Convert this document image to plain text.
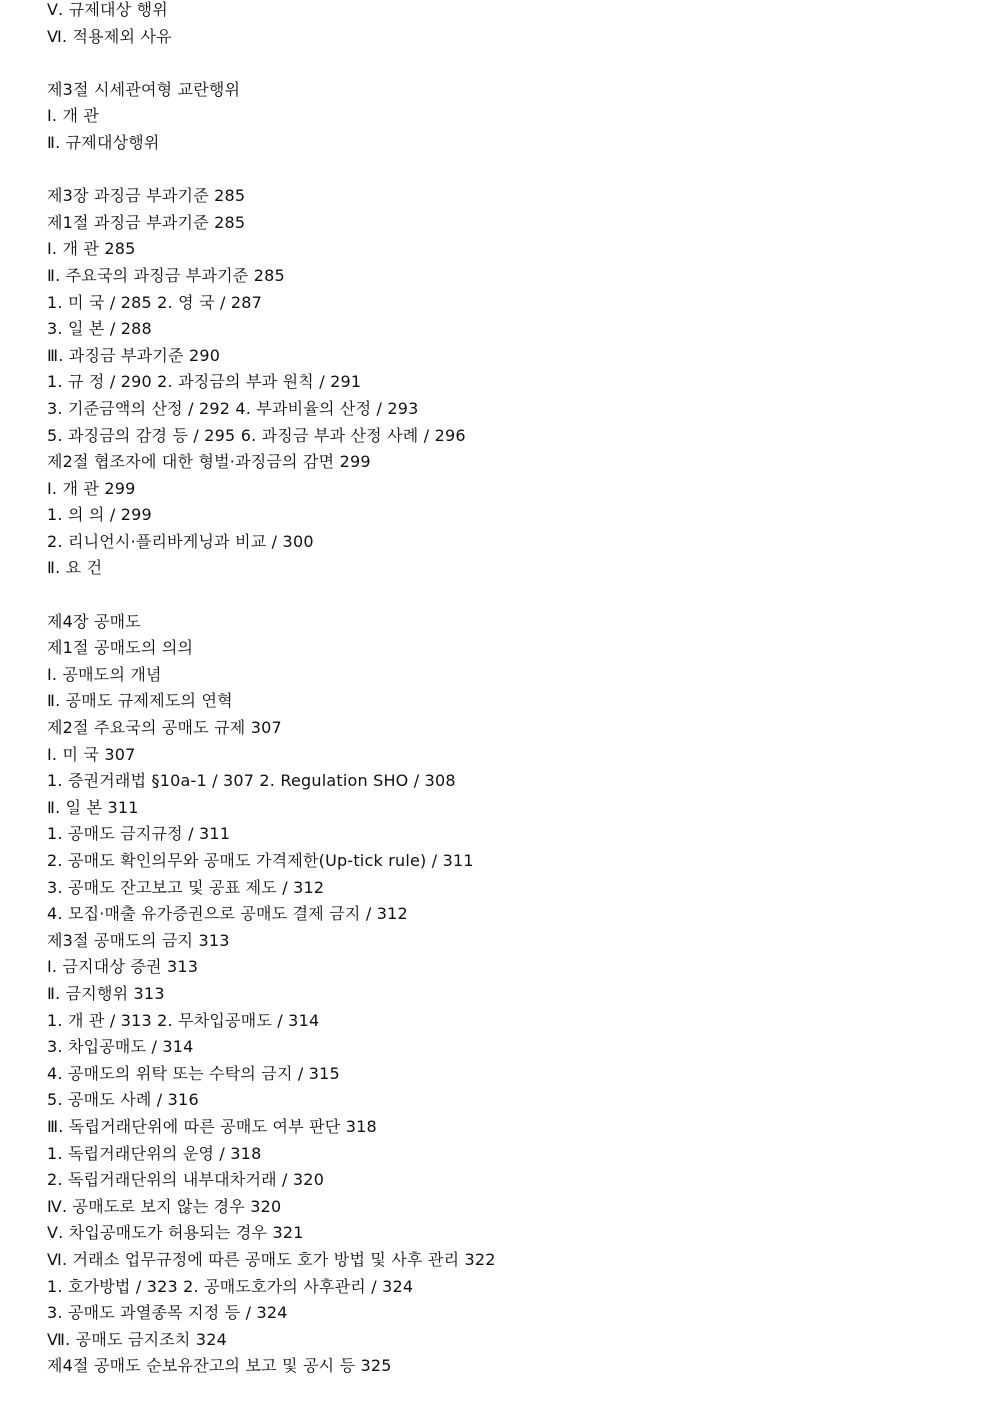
Ⅴ. 규제대상 행위
Ⅵ. 적용제외 사유
제3절 시세관여형 교란행위
Ⅰ. 개 관
Ⅱ. 규제대상행위
제3장 과징금 부과기준 285
제1절 과징금 부과기준 285
Ⅰ. 개 관 285
Ⅱ. 주요국의 과징금 부과기준 285
1. 미 국 / 285 2. 영 국 / 287
3. 일 본 / 288
Ⅲ. 과징금 부과기준 290
1. 규 정 / 290 2. 과징금의 부과 원칙 / 291
3. 기준금액의 산정 / 292 4. 부과비율의 산정 / 293
5. 과징금의 감경 등 / 295 6. 과징금 부과 산정 사례 / 296
제2절 협조자에 대한 형벌·과징금의 감면 299
Ⅰ. 개 관 299
1. 의 의 / 299
2. 리니언시·플리바게닝과 비교 / 300
Ⅱ. 요 건
제4장 공매도
제1절 공매도의 의의
Ⅰ. 공매도의 개념
Ⅱ. 공매도 규제제도의 연혁
제2절 주요국의 공매도 규제 307
Ⅰ. 미 국 307
1. 증권거래법 §10a-1 / 307 2. Regulation SHO / 308
Ⅱ. 일 본 311
1. 공매도 금지규정 / 311
2. 공매도 확인의무와 공매도 가격제한(Up-tick rule) / 311
3. 공매도 잔고보고 및 공표 제도 / 312
4. 모집·매출 유가증권으로 공매도 결제 금지 / 312
제3절 공매도의 금지 313
Ⅰ. 금지대상 증권 313
Ⅱ. 금지행위 313
1. 개 관 / 313 2. 무차입공매도 / 314
3. 차입공매도 / 314
4. 공매도의 위탁 또는 수탁의 금지 / 315
5. 공매도 사례 / 316
Ⅲ. 독립거래단위에 따른 공매도 여부 판단 318
1. 독립거래단위의 운영 / 318
2. 독립거래단위의 내부대차거래 / 320
Ⅳ. 공매도로 보지 않는 경우 320
Ⅴ. 차입공매도가 허용되는 경우 321
Ⅵ. 거래소 업무규정에 따른 공매도 호가 방법 및 사후 관리 322
1. 호가방법 / 323 2. 공매도호가의 사후관리 / 324
3. 공매도 과열종목 지정 등 / 324
Ⅶ. 공매도 금지조치 324
제4절 공매도 순보유잔고의 보고 및 공시 등 325
